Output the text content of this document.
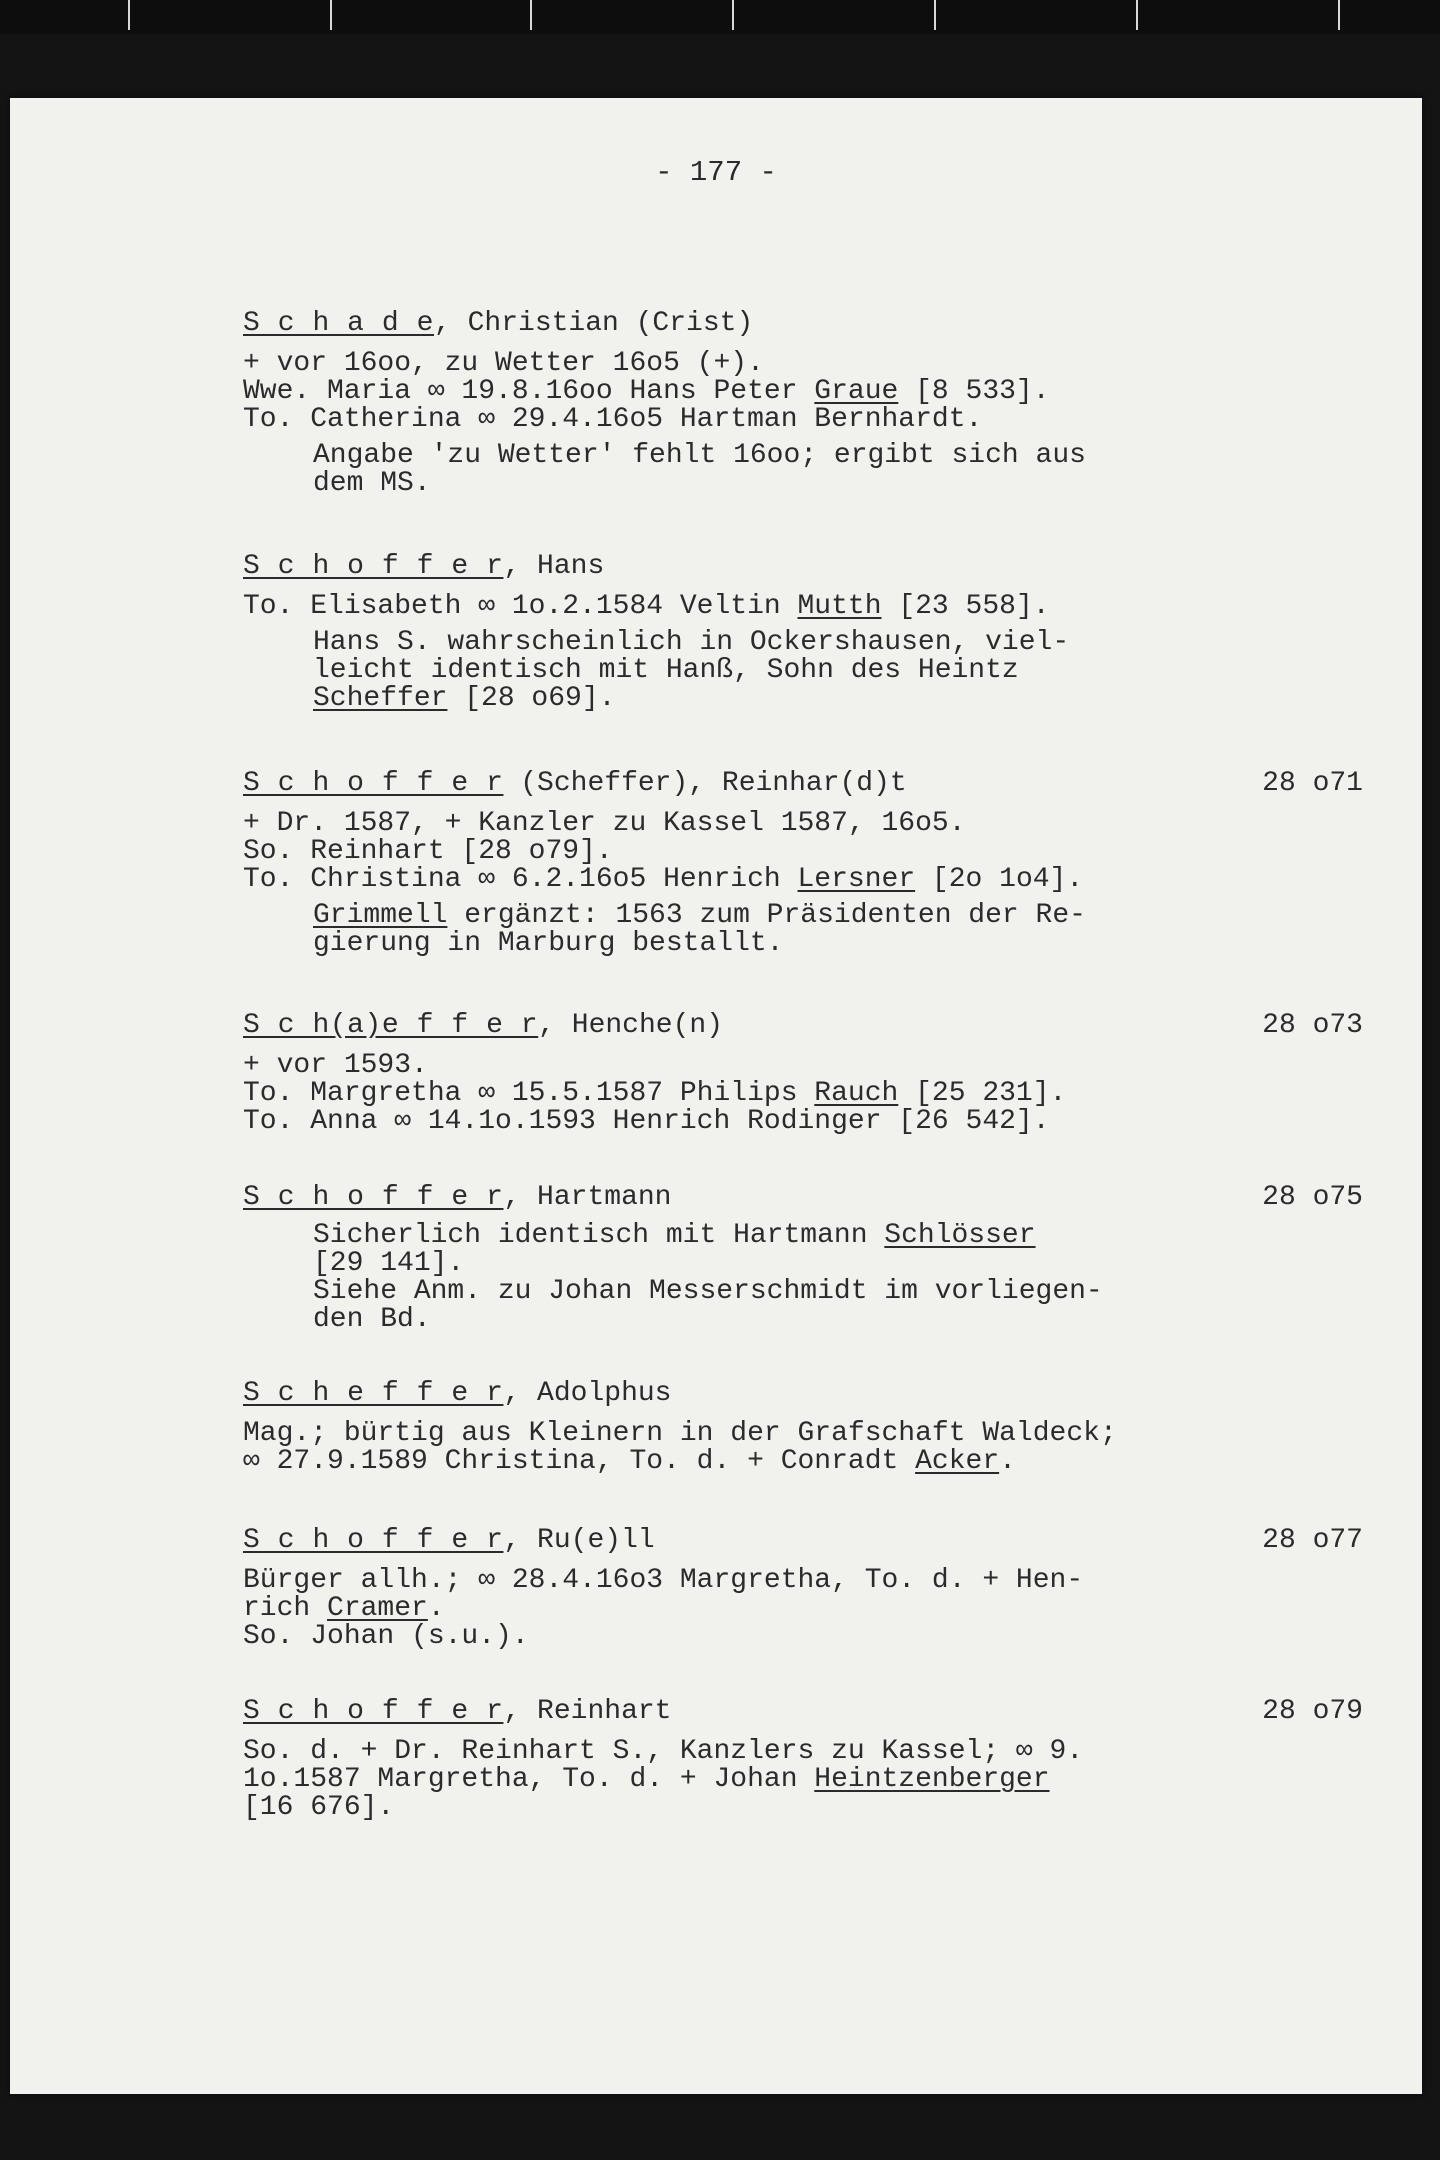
- 177 -
S c h a d e, Christian (Crist)
+ vor 16oo, zu Wetter 16o5 (+).
Wwe. Maria ∞ 19.8.16oo Hans Peter Graue [8 533].
To. Catherina ∞ 29.4.16o5 Hartman Bernhardt.
Angabe 'zu Wetter' fehlt 16oo; ergibt sich aus
dem MS.
S c h o f f e r, Hans
To. Elisabeth ∞ 1o.2.1584 Veltin Mutth [23 558].
Hans S. wahrscheinlich in Ockershausen, viel-
leicht identisch mit Hanß, Sohn des Heintz
Scheffer [28 o69].
S c h o f f e r (Scheffer), Reinhar(d)t	28 o71
+ Dr. 1587, + Kanzler zu Kassel 1587, 16o5.
So. Reinhart [28 o79].
To. Christina ∞ 6.2.16o5 Henrich Lersner [2o 1o4].
Grimmell ergänzt: 1563 zum Präsidenten der Re-
gierung in Marburg bestallt.
S c h(a)e f f e r, Henche(n)	28 o73
+ vor 1593.
To. Margretha ∞ 15.5.1587 Philips Rauch [25 231].
To. Anna ∞ 14.1o.1593 Henrich Rodinger [26 542].
S c h o f f e r, Hartmann	28 o75
Sicherlich identisch mit Hartmann Schlösser
[29 141].
Siehe Anm. zu Johan Messerschmidt im vorliegen-
den Bd.
S c h e f f e r, Adolphus
Mag.; bürtig aus Kleinern in der Grafschaft Waldeck;
∞ 27.9.1589 Christina, To. d. + Conradt Acker.
S c h o f f e r, Ru(e)ll	28 o77
Bürger allh.; ∞ 28.4.16o3 Margretha, To. d. + Hen-
rich Cramer.
So. Johan (s.u.).
S c h o f f e r, Reinhart	28 o79
So. d. + Dr. Reinhart S., Kanzlers zu Kassel; ∞ 9.
1o.1587 Margretha, To. d. + Johan Heintzenberger
[16 676].
